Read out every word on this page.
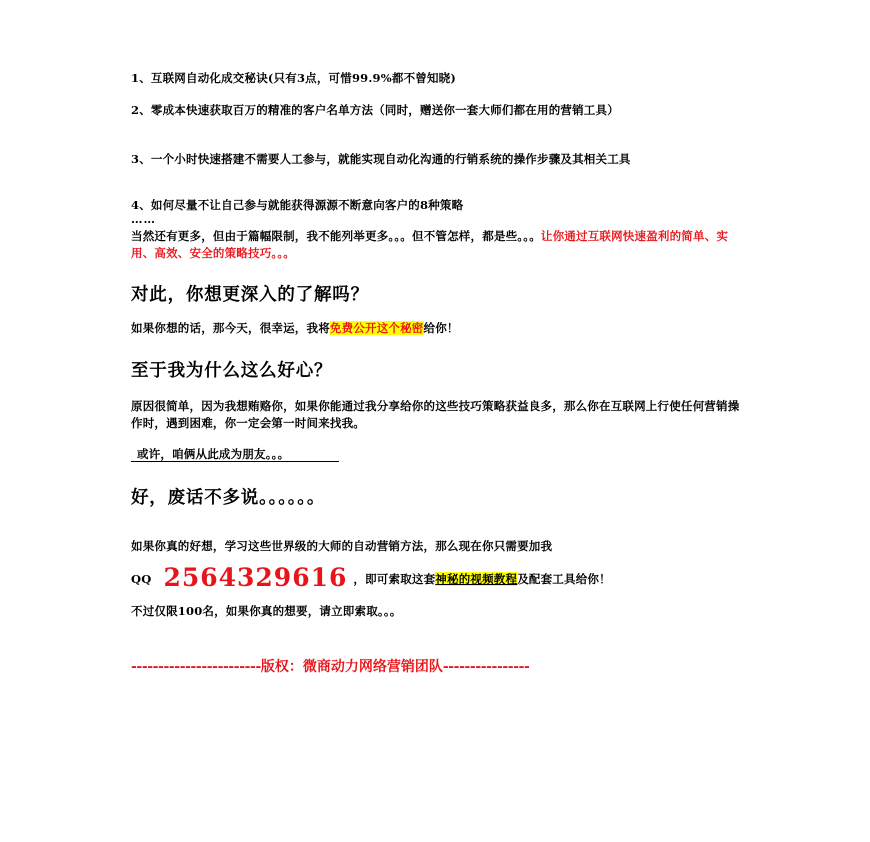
1、互联网自动化成交秘诀(只有3点，可惜99.9%都不曾知晓)
2、零成本快速获取百万的精准的客户名单方法（同时，赠送你一套大师们都在用的营销工具）
3、一个小时快速搭建不需要人工参与，就能实现自动化沟通的行销系统的操作步骤及其相关工具
4、如何尽量不让自己参与就能获得源源不断意向客户的8种策略
……
当然还有更多，但由于篇幅限制，我不能列举更多。。。但不管怎样，都是些。。。让你通过互联网快速盈利的简单、实用、高效、安全的策略技巧。。。
对此，你想更深入的了解吗？
如果你想的话，那今天，很幸运，我将免费公开这个秘密给你！
至于我为什么这么好心？
原因很简单，因为我想贿赂你，如果你能通过我分享给你的这些技巧策略获益良多，那么你在互联网上行使任何营销操作时，遇到困难，你一定会第一时间来找我。
或许，咱俩从此成为朋友。。。
好，废话不多说。。。。。。
如果你真的好想，学习这些世界级的大师的自动营销方法，那么现在你只需要加我
QQ 2564329616 ，即可索取这套神秘的视频教程及配套工具给你！
不过仅限100名，如果你真的想要，请立即索取。。。
------------------------版权：微商动力网络营销团队----------------
